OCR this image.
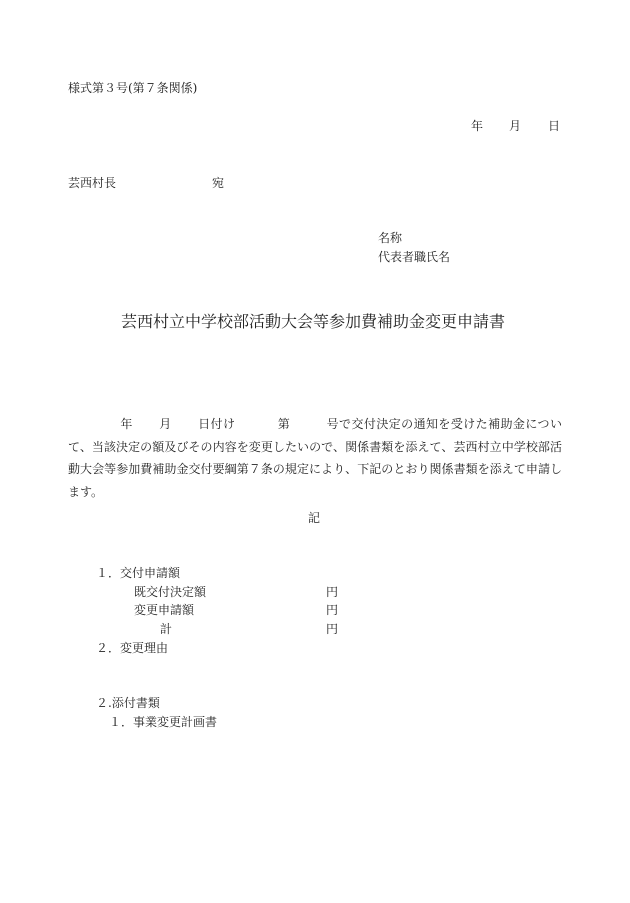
様式第３号(第７条関係)
年 月 日
芸西村長	宛
名称
代表者職氏名
芸西村立中学校部活動大会等参加費補助金変更申請書
年 月 日付け	第	号で交付決定の通知を受けた補助金について、当該決定の額及びその内容を変更したいので、関係書類を添えて、芸西村立中学校部活動大会等参加費補助金交付要綱第７条の規定により、下記のとおり関係書類を添えて申請します。
記
１．交付申請額
既交付決定額	円
変更申請額	円
計	円
２．変更理由
２.添付書類
１．事業変更計画書
